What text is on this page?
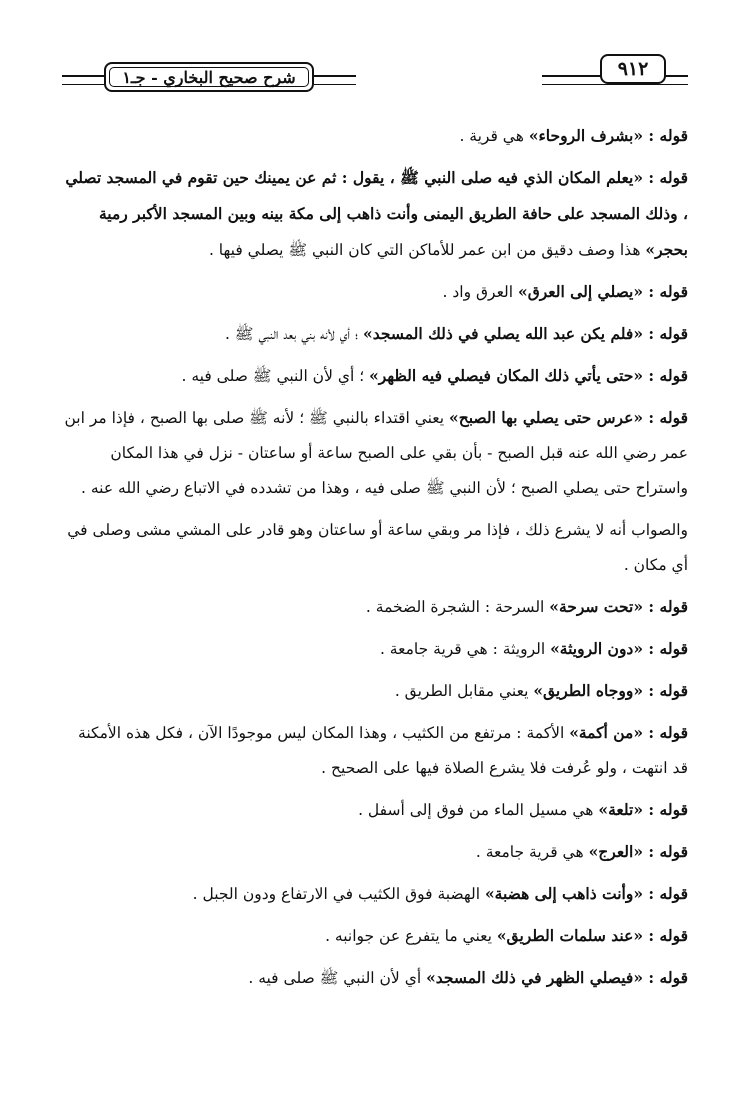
شرح صحيح البخاري - جـ١	٩١٢

قوله : «بشرف الروحاء» هي قرية .

قوله : «يعلم المكان الذي فيه صلى النبي ﷺ ، يقول : ثم عن يمينك حين تقوم في المسجد تصلي ، وذلك المسجد على حافة الطريق اليمنى وأنت ذاهب إلى مكة بينه وبين المسجد الأكبر رمية بحجر» هذا وصف دقيق من ابن عمر للأماكن التي كان النبي ﷺ يصلي فيها .

قوله : «يصلي إلى العرق» العرق واد .

قوله : «فلم يكن عبد الله يصلي في ذلك المسجد» ؛ أي لأنه بني بعد النبي ﷺ .

قوله : «حتى يأتي ذلك المكان فيصلي فيه الظهر» ؛ أي لأن النبي ﷺ صلى فيه .

قوله : «عرس حتى يصلي بها الصبح» يعني اقتداء بالنبي ﷺ ؛ لأنه ﷺ صلى بها الصبح ، فإذا مر ابن عمر رضي الله عنه قبل الصبح - بأن بقي على الصبح ساعة أو ساعتان - نزل في هذا المكان واستراح حتى يصلي الصبح ؛ لأن النبي ﷺ صلى فيه ، وهذا من تشدده في الاتباع رضي الله عنه .

والصواب أنه لا يشرع ذلك ، فإذا مر وبقي ساعة أو ساعتان وهو قادر على المشي مشى وصلى في أي مكان .

قوله : «تحت سرحة» السرحة : الشجرة الضخمة .

قوله : «دون الرويثة» الرويثة : هي قرية جامعة .

قوله : «ووجاه الطريق» يعني مقابل الطريق .

قوله : «من أكمة» الأكمة : مرتفع من الكثيب ، وهذا المكان ليس موجودًا الآن ، فكل هذه الأمكنة قد انتهت ، ولو عُرفت فلا يشرع الصلاة فيها على الصحيح .

قوله : «تلعة» هي مسيل الماء من فوق إلى أسفل .

قوله : «العرج» هي قرية جامعة .

قوله : «وأنت ذاهب إلى هضبة» الهضبة فوق الكثيب في الارتفاع ودون الجبل .

قوله : «عند سلمات الطريق» يعني ما يتفرع عن جوانبه .

قوله : «فيصلي الظهر في ذلك المسجد» أي لأن النبي ﷺ صلى فيه .
